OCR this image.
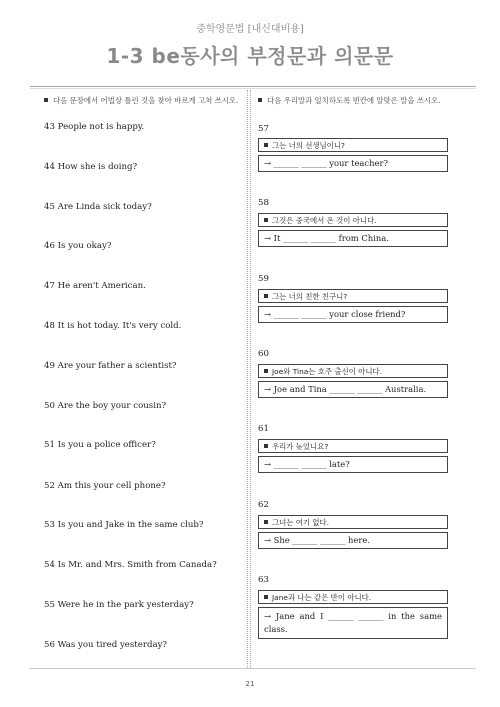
중학영문법 [내신대비용]
1-3 be동사의 부정문과 의문문
다음 문장에서 어법상 틀린 것을 찾아 바르게 고쳐 쓰시오.
43 People not is happy.
44 How she is doing?
45 Are Linda sick today?
46 Is you okay?
47 He aren't American.
48 It is hot today. It's very cold.
49 Are your father a scientist?
50 Are the boy your cousin?
51 Is you a police officer?
52 Am this your cell phone?
53 Is you and Jake in the same club?
54 Is Mr. and Mrs. Smith from Canada?
55 Were he in the park yesterday?
56 Was you tired yesterday?
다음 우리말과 일치하도록 빈칸에 알맞은 말을 쓰시오.
57
그는 너의 선생님이니?
→ ______ ______ your teacher?
58
그것은 중국에서 온 것이 아니다.
→ It ______ ______ from China.
59
그는 너의 친한 친구니?
→ ______ ______ your close friend?
60
Joe와 Tina는 호주 출신이 아니다.
→ Joe and Tina ______ ______ Australia.
61
우리가 늦었니요?
→ ______ ______ late?
62
그녀는 여기 없다.
→ She ______ ______ here.
63
Jane과 나는 같은 반이 아니다.
→ Jane and I ______ ______ in the same class.
21
